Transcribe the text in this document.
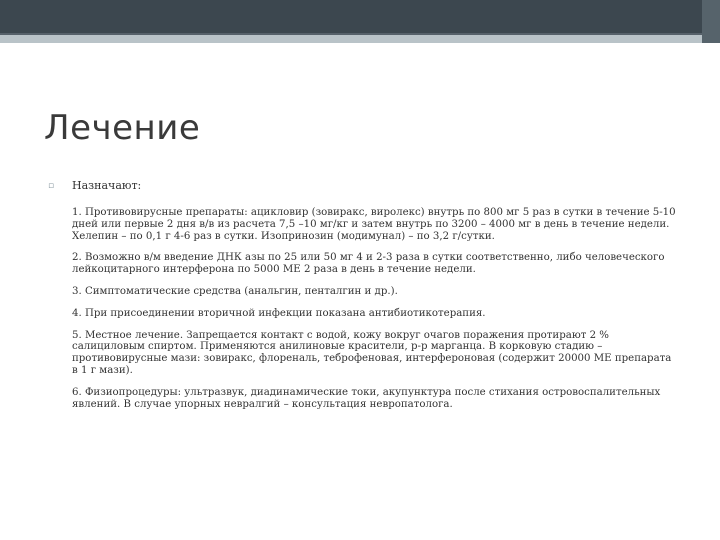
Лечение
▫ Назначают:

1. Противовирусные препараты: ацикловир (зовиракс, виролекс) внутрь по 800 мг 5 раз в сутки в течение 5-10 дней или первые 2 дня в/в из расчета 7,5 –10 мг/кг и затем внутрь по 3200 – 4000 мг в день в течение недели. Хелепин – по 0,1 г 4-6 раз в сутки. Изопринозин (модимунал) – по 3,2 г/сутки.

2. Возможно в/м введение ДНК азы по 25 или 50 мг 4 и 2-3 раза в сутки соответственно, либо человеческого лейкоцитарного интерферона по 5000 МЕ 2 раза в день в течение недели.

3. Симптоматические средства (анальгин, пенталгин и др.).

4. При присоединении вторичной инфекции показана антибиотикотерапия.

5. Местное лечение. Запрещается контакт с водой, кожу вокруг очагов поражения протирают 2 % салициловым спиртом. Применяются анилиновые красители, р-р марганца. В корковую стадию – противовирусные мази: зовиракс, флореналь, теброфеновая, интерфероновая (содержит 20000 МЕ препарата в 1 г мази).

6. Физиопроцедуры: ультразвук, диадинамические токи, акупунктура после стихания островоспалительных явлений. В случае упорных невралгий – консультация невропатолога.
